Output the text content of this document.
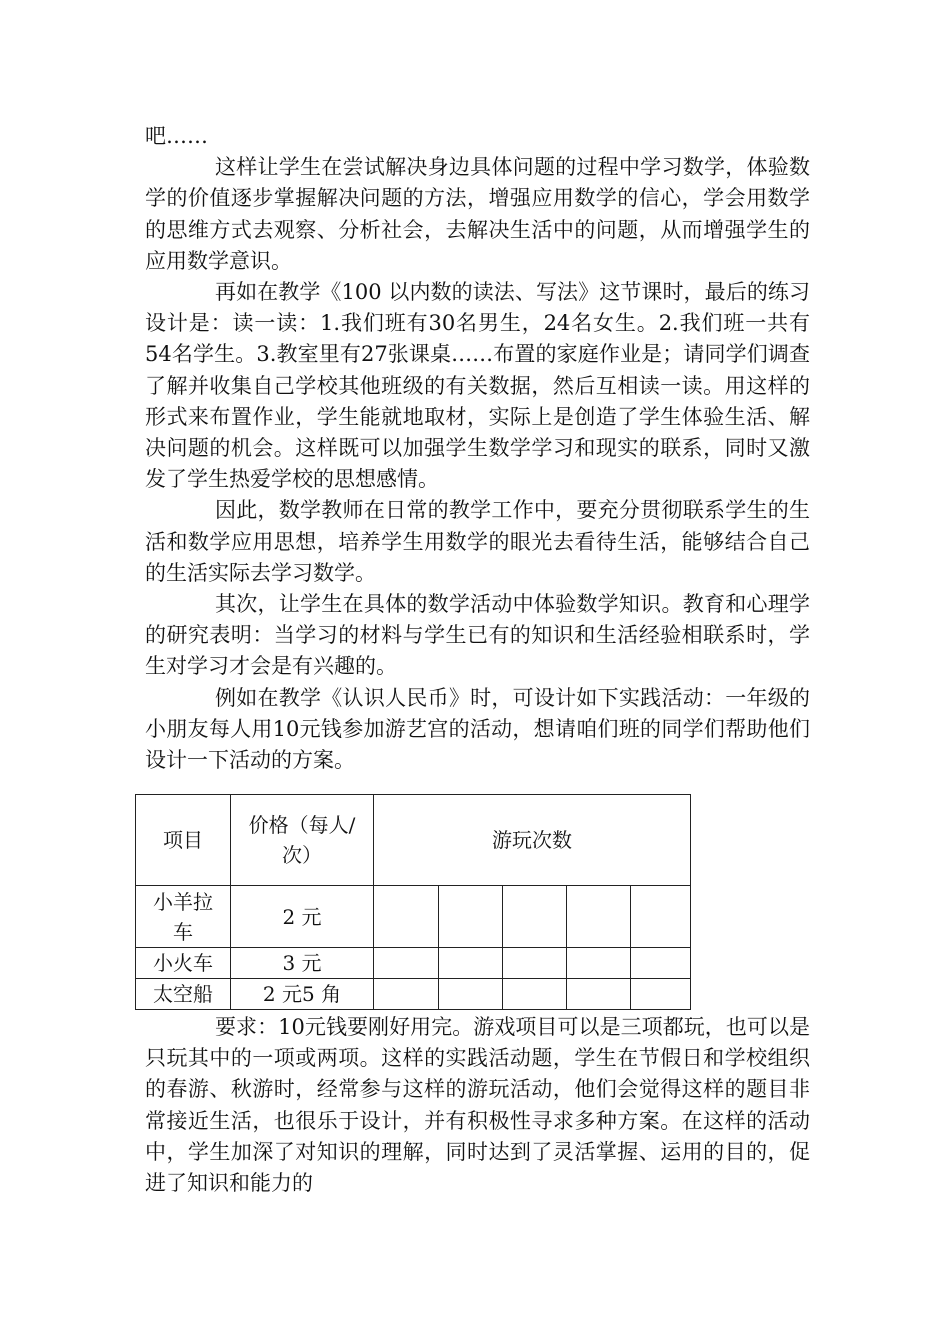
吧……

这样让学生在尝试解决身边具体问题的过程中学习数学，体验数学的价值逐步掌握解决问题的方法，增强应用数学的信心，学会用数学的思维方式去观察、分析社会，去解决生活中的问题，从而增强学生的应用数学意识。

再如在教学《100 以内数的读法、写法》这节课时，最后的练习设计是：读一读：1.我们班有30名男生，24名女生。2.我们班一共有54名学生。3.教室里有27张课桌……布置的家庭作业是；请同学们调查了解并收集自己学校其他班级的有关数据，然后互相读一读。用这样的形式来布置作业，学生能就地取材，实际上是创造了学生体验生活、解决问题的机会。这样既可以加强学生数学学习和现实的联系，同时又激发了学生热爱学校的思想感情。

因此，数学教师在日常的教学工作中，要充分贯彻联系学生的生活和数学应用思想，培养学生用数学的眼光去看待生活，能够结合自己的生活实际去学习数学。

其次，让学生在具体的数学活动中体验数学知识。教育和心理学的研究表明：当学习的材料与学生已有的知识和生活经验相联系时，学生对学习才会是有兴趣的。

例如在教学《认识人民币》时，可设计如下实践活动：一年级的小朋友每人用10元钱参加游艺宫的活动，想请咱们班的同学们帮助他们设计一下活动的方案。

项目	价格（每人/次）	游玩次数				
小羊拉车	2 元					
小火车	3 元					
太空船	2 元5 角					

要求：10元钱要刚好用完。游戏项目可以是三项都玩，也可以是只玩其中的一项或两项。这样的实践活动题，学生在节假日和学校组织的春游、秋游时，经常参与这样的游玩活动，他们会觉得这样的题目非常接近生活，也很乐于设计，并有积极性寻求多种方案。在这样的活动中，学生加深了对知识的理解，同时达到了灵活掌握、运用的目的，促进了知识和能力的
